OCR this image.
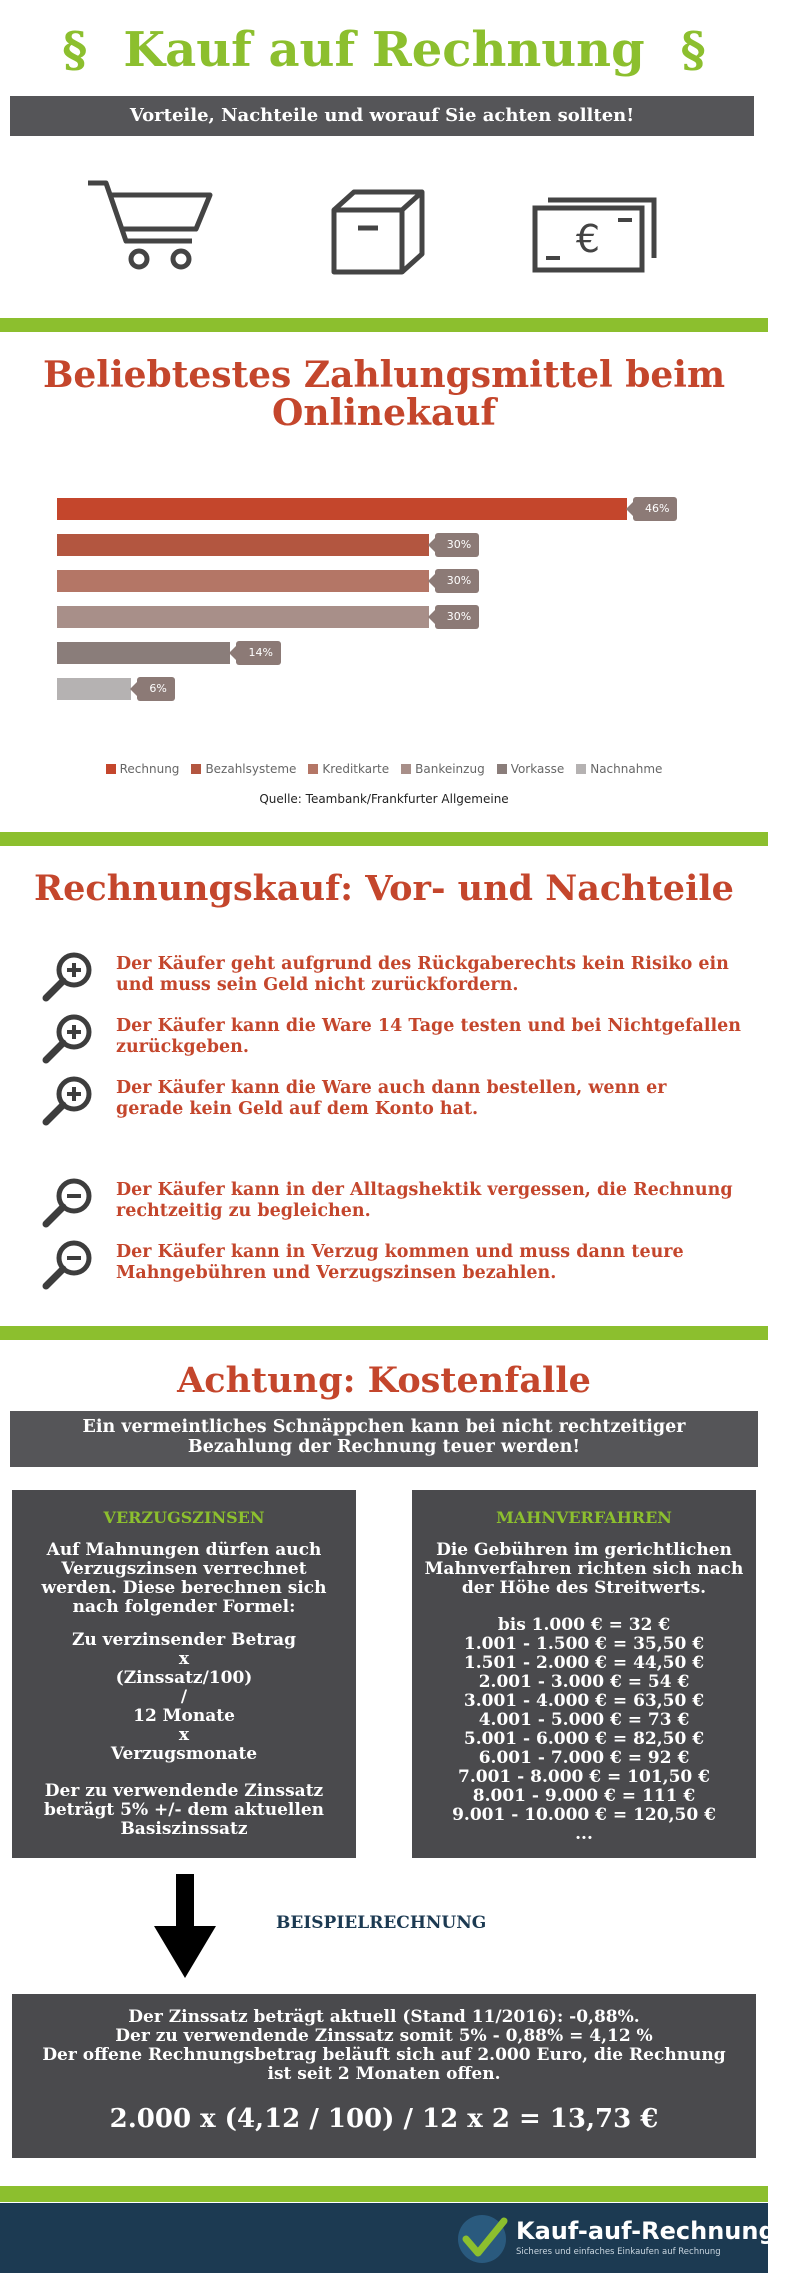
§ Kauf auf Rechnung §
Vorteile, Nachteile und worauf Sie achten sollten!
€
Beliebtestes Zahlungsmittel beim
Onlinekauf
46%
30%
30%
30%
14%
6%
Rechnung Bezahlsysteme Kreditkarte Bankeinzug Vorkasse Nachnahme
Quelle: Teambank/Frankfurter Allgemeine
Rechnungskauf: Vor- und Nachteile
Der Käufer geht aufgrund des Rückgaberechts kein Risiko ein
und muss sein Geld nicht zurückfordern.
Der Käufer kann die Ware 14 Tage testen und bei Nichtgefallen
zurückgeben.
Der Käufer kann die Ware auch dann bestellen, wenn er
gerade kein Geld auf dem Konto hat.
Der Käufer kann in der Alltagshektik vergessen, die Rechnung
rechtzeitig zu begleichen.
Der Käufer kann in Verzug kommen und muss dann teure
Mahngebühren und Verzugszinsen bezahlen.
Achtung: Kostenfalle
Ein vermeintliches Schnäppchen kann bei nicht rechtzeitiger
Bezahlung der Rechnung teuer werden!
VERZUGSZINSEN
Auf Mahnungen dürfen auch
Verzugszinsen verrechnet
werden. Diese berechnen sich
nach folgender Formel:
Zu verzinsender Betrag
x
(Zinssatz/100)
/
12 Monate
x
Verzugsmonate
Der zu verwendende Zinssatz
beträgt 5% +/- dem aktuellen
Basiszinssatz
MAHNVERFAHREN
Die Gebühren im gerichtlichen
Mahnverfahren richten sich nach
der Höhe des Streitwerts.
bis 1.000 € = 32 €
1.001 - 1.500 € = 35,50 €
1.501 - 2.000 € = 44,50 €
2.001 - 3.000 € = 54 €
3.001 - 4.000 € = 63,50 €
4.001 - 5.000 € = 73 €
5.001 - 6.000 € = 82,50 €
6.001 - 7.000 € = 92 €
7.001 - 8.000 € = 101,50 €
8.001 - 9.000 € = 111 €
9.001 - 10.000 € = 120,50 €
...
BEISPIELRECHNUNG
Der Zinssatz beträgt aktuell (Stand 11/2016): -0,88%.
Der zu verwendende Zinssatz somit 5% - 0,88% = 4,12 %
Der offene Rechnungsbetrag beläuft sich auf 2.000 Euro, die Rechnung
ist seit 2 Monaten offen.
2.000 x (4,12 / 100) / 12 x 2 = 13,73 €
Kauf-auf-Rechnung.de
Sicheres und einfaches Einkaufen auf Rechnung
